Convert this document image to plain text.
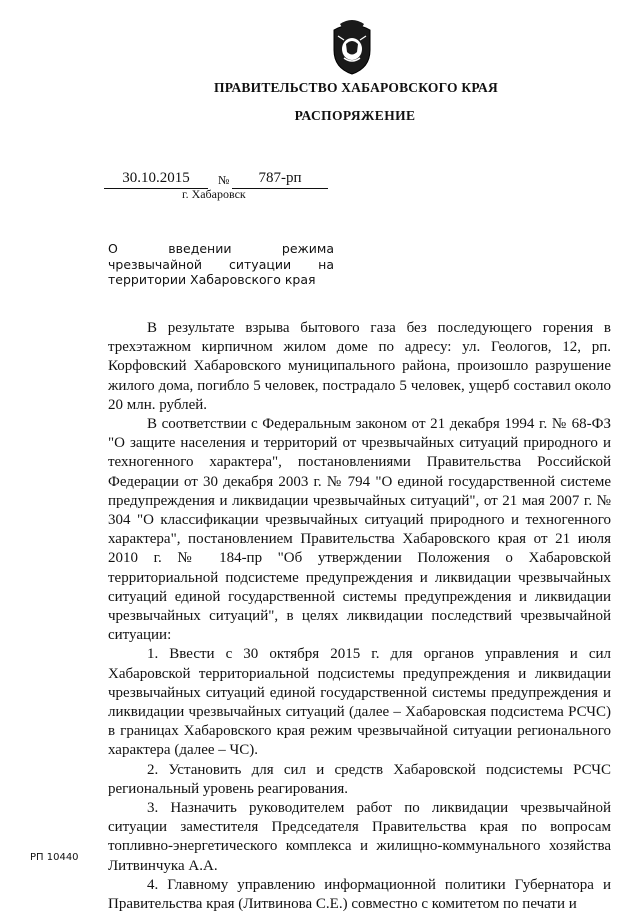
ПРАВИТЕЛЬСТВО ХАБАРОВСКОГО КРАЯ
РАСПОРЯЖЕНИЕ
30.10.2015	№	787-рп
г. Хабаровск
О введении режима чрезвычайной ситуации на территории Хабаровского края

В результате взрыва бытового газа без последующего горения в трехэтажном кирпичном жилом доме по адресу: ул. Геологов, 12, рп. Корфовский Хабаровского муниципального района, произошло разрушение жилого дома, погибло 5 человек, пострадало 5 человек, ущерб составил около 20 млн. рублей.

В соответствии с Федеральным законом от 21 декабря 1994 г. № 68-ФЗ "О защите населения и территорий от чрезвычайных ситуаций природного и техногенного характера", постановлениями Правительства Российской Федерации от 30 декабря 2003 г. № 794 "О единой государственной системе предупреждения и ликвидации чрезвычайных ситуаций", от 21 мая 2007 г. № 304 "О классификации чрезвычайных ситуаций природного и техногенного характера", постановлением Правительства Хабаровского края от 21 июля 2010 г. № 184-пр "Об утверждении Положения о Хабаровской территориальной подсистеме предупреждения и ликвидации чрезвычайных ситуаций единой государственной системы предупреждения и ликвидации чрезвычайных ситуаций", в целях ликвидации последствий чрезвычайной ситуации:

1. Ввести с 30 октября 2015 г. для органов управления и сил Хабаровской территориальной подсистемы предупреждения и ликвидации чрезвычайных ситуаций единой государственной системы предупреждения и ликвидации чрезвычайных ситуаций (далее – Хабаровская подсистема РСЧС) в границах Хабаровского края режим чрезвычайной ситуации регионального характера (далее – ЧС).

2. Установить для сил и средств Хабаровской подсистемы РСЧС региональный уровень реагирования.

3. Назначить руководителем работ по ликвидации чрезвычайной ситуации заместителя Председателя Правительства края по вопросам топливно-энергетического комплекса и жилищно-коммунального хозяйства Литвинчука А.А.

4. Главному управлению информационной политики Губернатора и Правительства края (Литвинова С.Е.) совместно с комитетом по печати и

РП 10440
